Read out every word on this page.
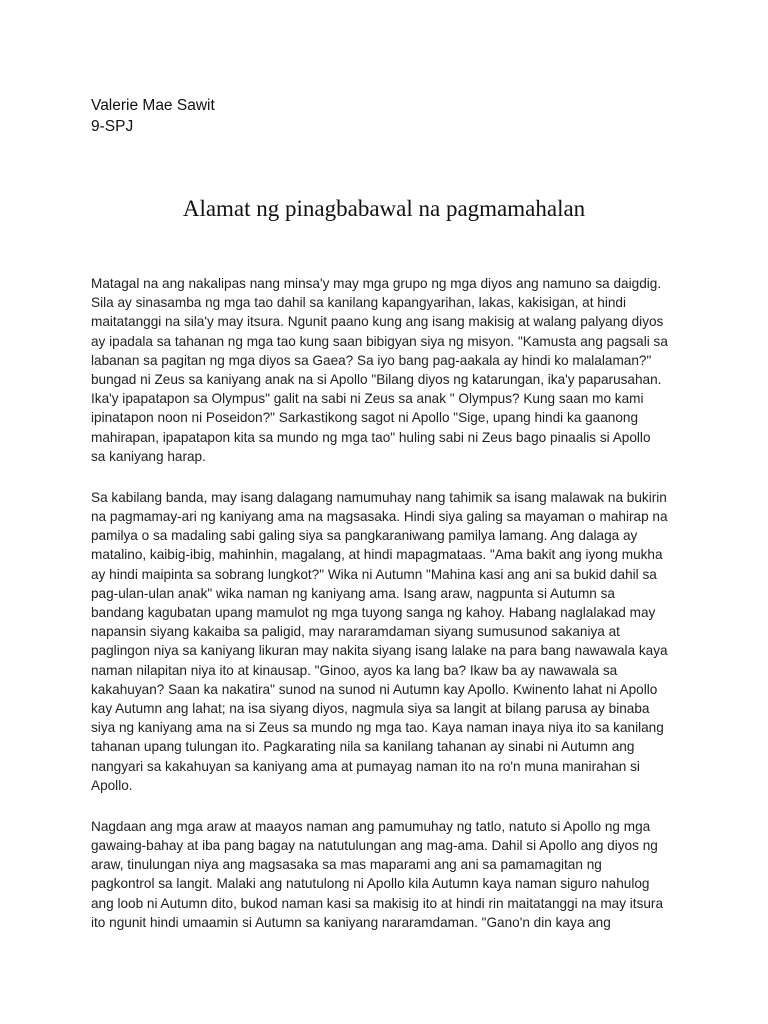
Valerie Mae Sawit
9-SPJ
Alamat ng pinagbabawal na pagmamahalan
Matagal na ang nakalipas nang minsa'y may mga grupo ng mga diyos ang namuno sa daigdig.
Sila ay sinasamba ng mga tao dahil sa kanilang kapangyarihan, lakas, kakisigan, at hindi
maitatanggi na sila'y may itsura. Ngunit paano kung ang isang makisig at walang palyang diyos
ay ipadala sa tahanan ng mga tao kung saan bibigyan siya ng misyon. "Kamusta ang pagsali sa
labanan sa pagitan ng mga diyos sa Gaea? Sa iyo bang pag-aakala ay hindi ko malalaman?"
bungad ni Zeus sa kaniyang anak na si Apollo "Bilang diyos ng katarungan, ika'y paparusahan.
Ika'y ipapatapon sa Olympus" galit na sabi ni Zeus sa anak " Olympus? Kung saan mo kami
ipinatapon noon ni Poseidon?" Sarkastikong sagot ni Apollo "Sige, upang hindi ka gaanong
mahirapan, ipapatapon kita sa mundo ng mga tao" huling sabi ni Zeus bago pinaalis si Apollo
sa kaniyang harap.
Sa kabilang banda, may isang dalagang namumuhay nang tahimik sa isang malawak na bukirin
na pagmamay-ari ng kaniyang ama na magsasaka. Hindi siya galing sa mayaman o mahirap na
pamilya o sa madaling sabi galing siya sa pangkaraniwang pamilya lamang. Ang dalaga ay
matalino, kaibig-ibig, mahinhin, magalang, at hindi mapagmataas. "Ama bakit ang iyong mukha
ay hindi maipinta sa sobrang lungkot?" Wika ni Autumn "Mahina kasi ang ani sa bukid dahil sa
pag-ulan-ulan anak" wika naman ng kaniyang ama. Isang araw, nagpunta si Autumn sa
bandang kagubatan upang mamulot ng mga tuyong sanga ng kahoy. Habang naglalakad may
napansin siyang kakaiba sa paligid, may nararamdaman siyang sumusunod sakaniya at
paglingon niya sa kaniyang likuran may nakita siyang isang lalake na para bang nawawala kaya
naman nilapitan niya ito at kinausap. "Ginoo, ayos ka lang ba? Ikaw ba ay nawawala sa
kakahuyan? Saan ka nakatira" sunod na sunod ni Autumn kay Apollo. Kwinento lahat ni Apollo
kay Autumn ang lahat; na isa siyang diyos, nagmula siya sa langit at bilang parusa ay binaba
siya ng kaniyang ama na si Zeus sa mundo ng mga tao. Kaya naman inaya niya ito sa kanilang
tahanan upang tulungan ito. Pagkarating nila sa kanilang tahanan ay sinabi ni Autumn ang
nangyari sa kakahuyan sa kaniyang ama at pumayag naman ito na ro'n muna manirahan si
Apollo.
Nagdaan ang mga araw at maayos naman ang pamumuhay ng tatlo, natuto si Apollo ng mga
gawaing-bahay at iba pang bagay na natutulungan ang mag-ama. Dahil si Apollo ang diyos ng
araw, tinulungan niya ang magsasaka sa mas maparami ang ani sa pamamagitan ng
pagkontrol sa langit. Malaki ang natutulong ni Apollo kila Autumn kaya naman siguro nahulog
ang loob ni Autumn dito, bukod naman kasi sa makisig ito at hindi rin maitatanggi na may itsura
ito ngunit hindi umaamin si Autumn sa kaniyang nararamdaman. "Gano'n din kaya ang
